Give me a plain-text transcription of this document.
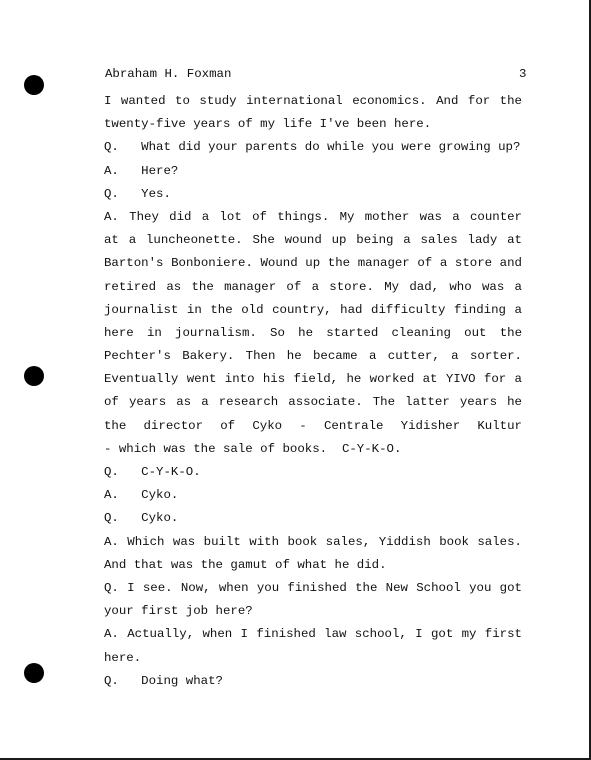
Abraham H. Foxman	3
I wanted to study international economics. And for the
twenty-five years of my life I've been here.
Q.   What did your parents do while you were growing up?
A.   Here?
Q.   Yes.
A. They did a lot of things. My mother was a counter
at a luncheonette. She wound up being a sales lady at
Barton's Bonboniere. Wound up the manager of a store and
retired as the manager of a store. My dad, who was a
journalist in the old country, had difficulty finding a
here in journalism. So he started cleaning out the
Pechter's Bakery. Then he became a cutter, a sorter.
Eventually went into his field, he worked at YIVO for a
of years as a research associate. The latter years he
the director of Cyko - Centrale Yidisher Kultur
- which was the sale of books.  C-Y-K-O.
Q.   C-Y-K-O.
A.   Cyko.
Q.   Cyko.
A. Which was built with book sales, Yiddish book sales.
And that was the gamut of what he did.
Q. I see. Now, when you finished the New School you got
your first job here?
A. Actually, when I finished law school, I got my first
here.
Q.   Doing what?
